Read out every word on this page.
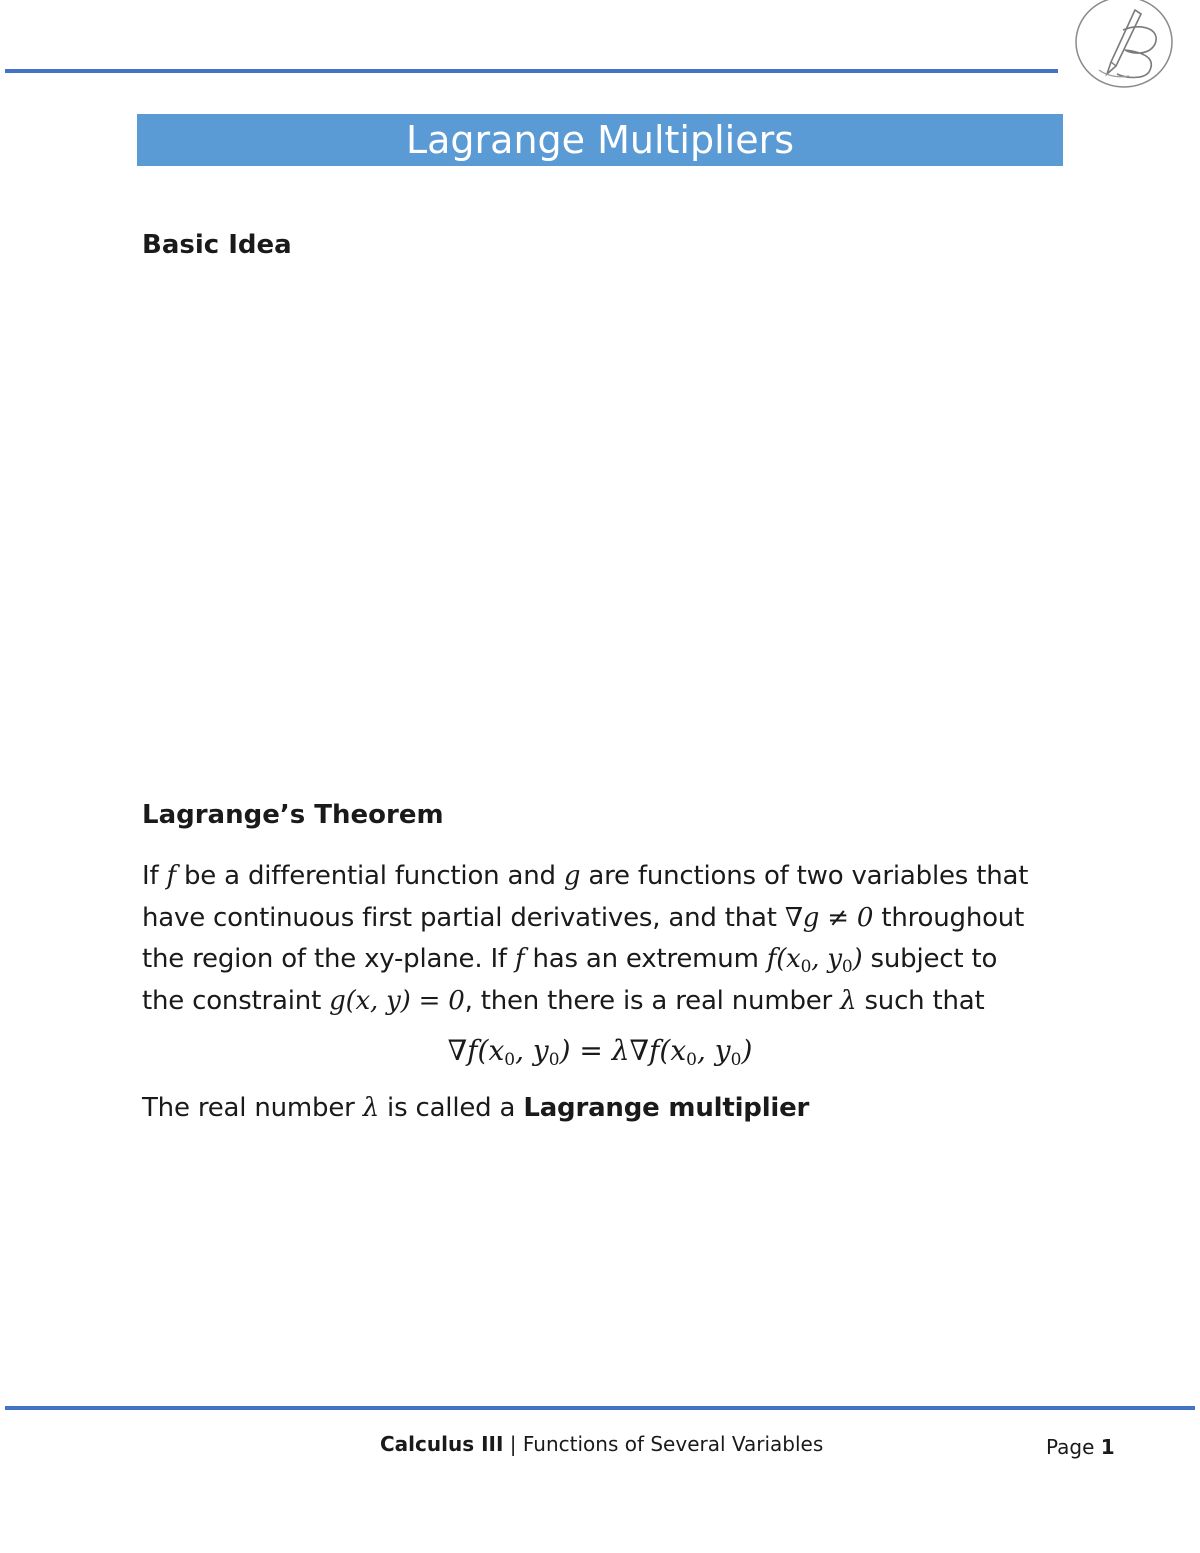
Lagrange Multipliers
Basic Idea
Lagrange’s Theorem
If f be a differential function and g are functions of two variables that
have continuous first partial derivatives, and that ∇g ≠ 0 throughout
the region of the xy-plane. If f has an extremum $f(x_0$, $y_0$) subject to
the constraint g(x, y) = 0, then there is a real number λ such that
$\nabla f(x_0$, $y_0) = \lambda\nabla f(x_0$, $y_0$)
The real number λ is called a Lagrange multiplier
Calculus III | Functions of Several Variables	Page 1
